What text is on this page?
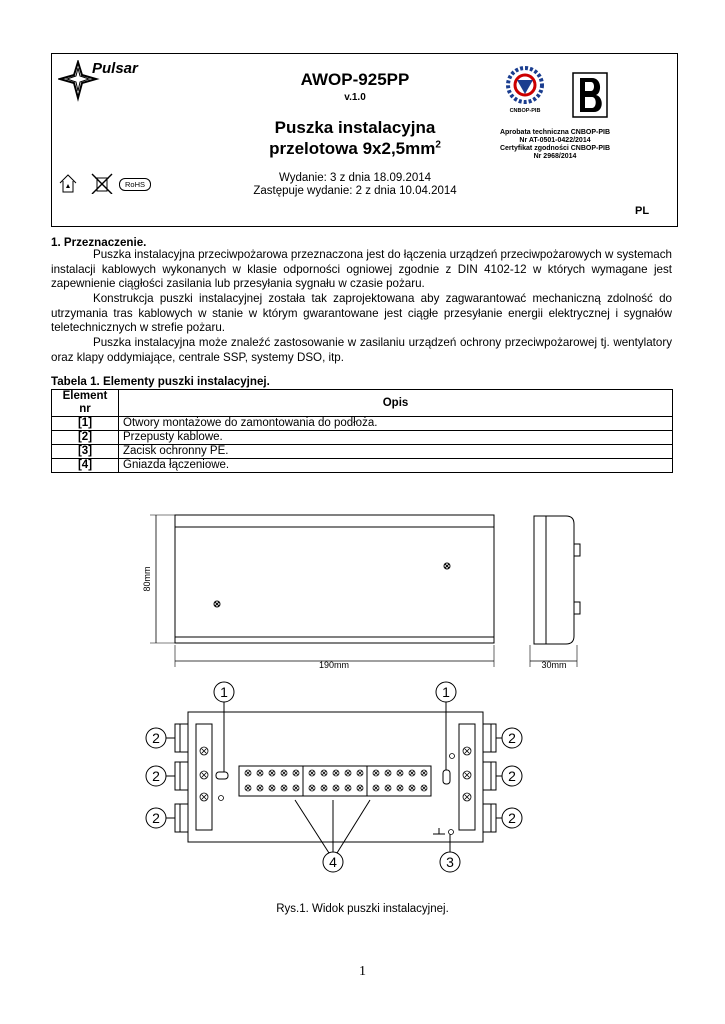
Pulsar
AWOP-925PP
v.1.0
Puszka instalacyjna
przelotowa $9x2,5mm^2$
Wydanie: 3 z dnia 18.09.2014
Zastępuje wydanie: 2 z dnia 10.04.2014
RoHS
CNBOP-PIB
Aprobata techniczna CNBOP-PIB
Nr AT-0501-0422/2014
Certyfikat zgodności CNBOP-PIB
Nr 2968/2014
PL
1. Przeznaczenie.
Puszka instalacyjna przeciwpożarowa przeznaczona jest do łączenia urządzeń przeciwpożarowych w systemach instalacji kablowych wykonanych w klasie odporności ogniowej zgodnie z DIN 4102-12 w których wymagane jest zapewnienie ciągłości zasilania lub przesyłania sygnału w czasie pożaru.
Konstrukcja puszki instalacyjnej została tak zaprojektowana aby zagwarantować mechaniczną zdolność do utrzymania tras kablowych w stanie w którym gwarantowane jest ciągłe przesyłanie energii elektrycznej i sygnałów teletechnicznych w strefie pożaru.
Puszka instalacyjna może znaleźć zastosowanie w zasilaniu urządzeń ochrony przeciwpożarowej tj. wentylatory oraz klapy oddymiające, centrale SSP, systemy DSO, itp.
Tabela 1. Elementy puszki instalacyjnej.
Element nr	Opis
[1]	Otwory montażowe do zamontowania do podłoża.
[2]	Przepusty kablowe.
[3]	Zacisk ochronny PE.
[4]	Gniazda łączeniowe.
80mm
190mm	30mm
1	1
2
2
2
2
2
2
4	3
Rys.1. Widok puszki instalacyjnej.
1
